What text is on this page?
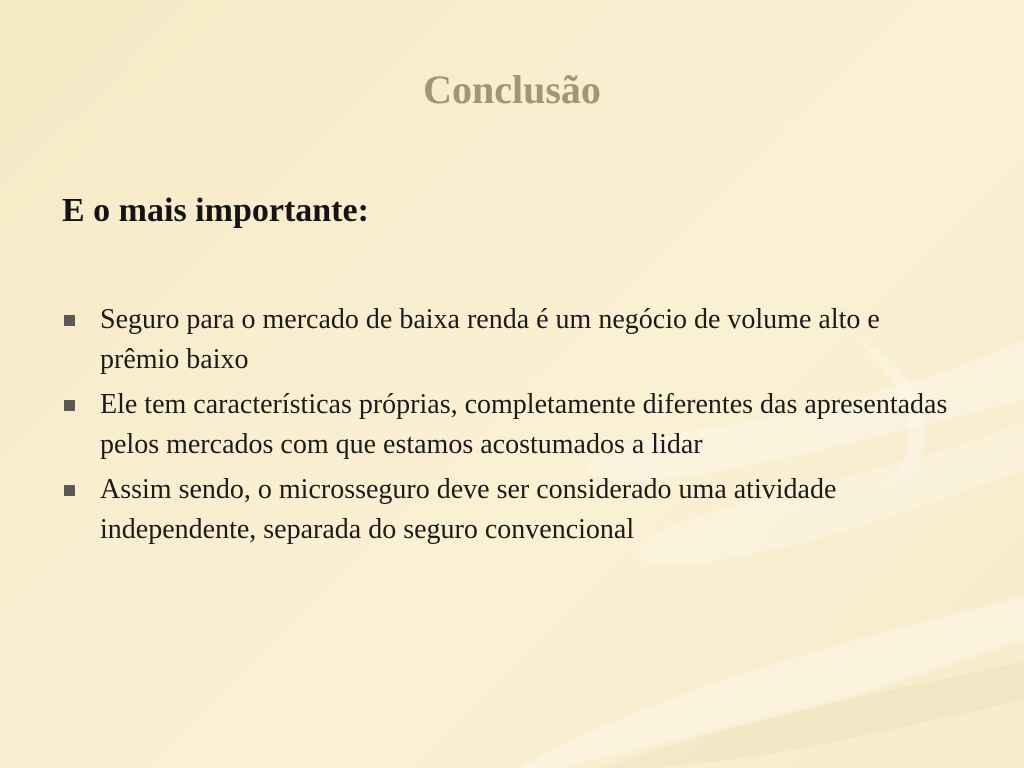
Conclusão
E o mais importante:
Seguro para o mercado de baixa renda é um negócio de volume alto e prêmio baixo
Ele tem características próprias, completamente diferentes das apresentadas pelos mercados com que estamos acostumados a lidar
Assim sendo, o microsseguro deve ser considerado uma atividade independente, separada do seguro convencional
